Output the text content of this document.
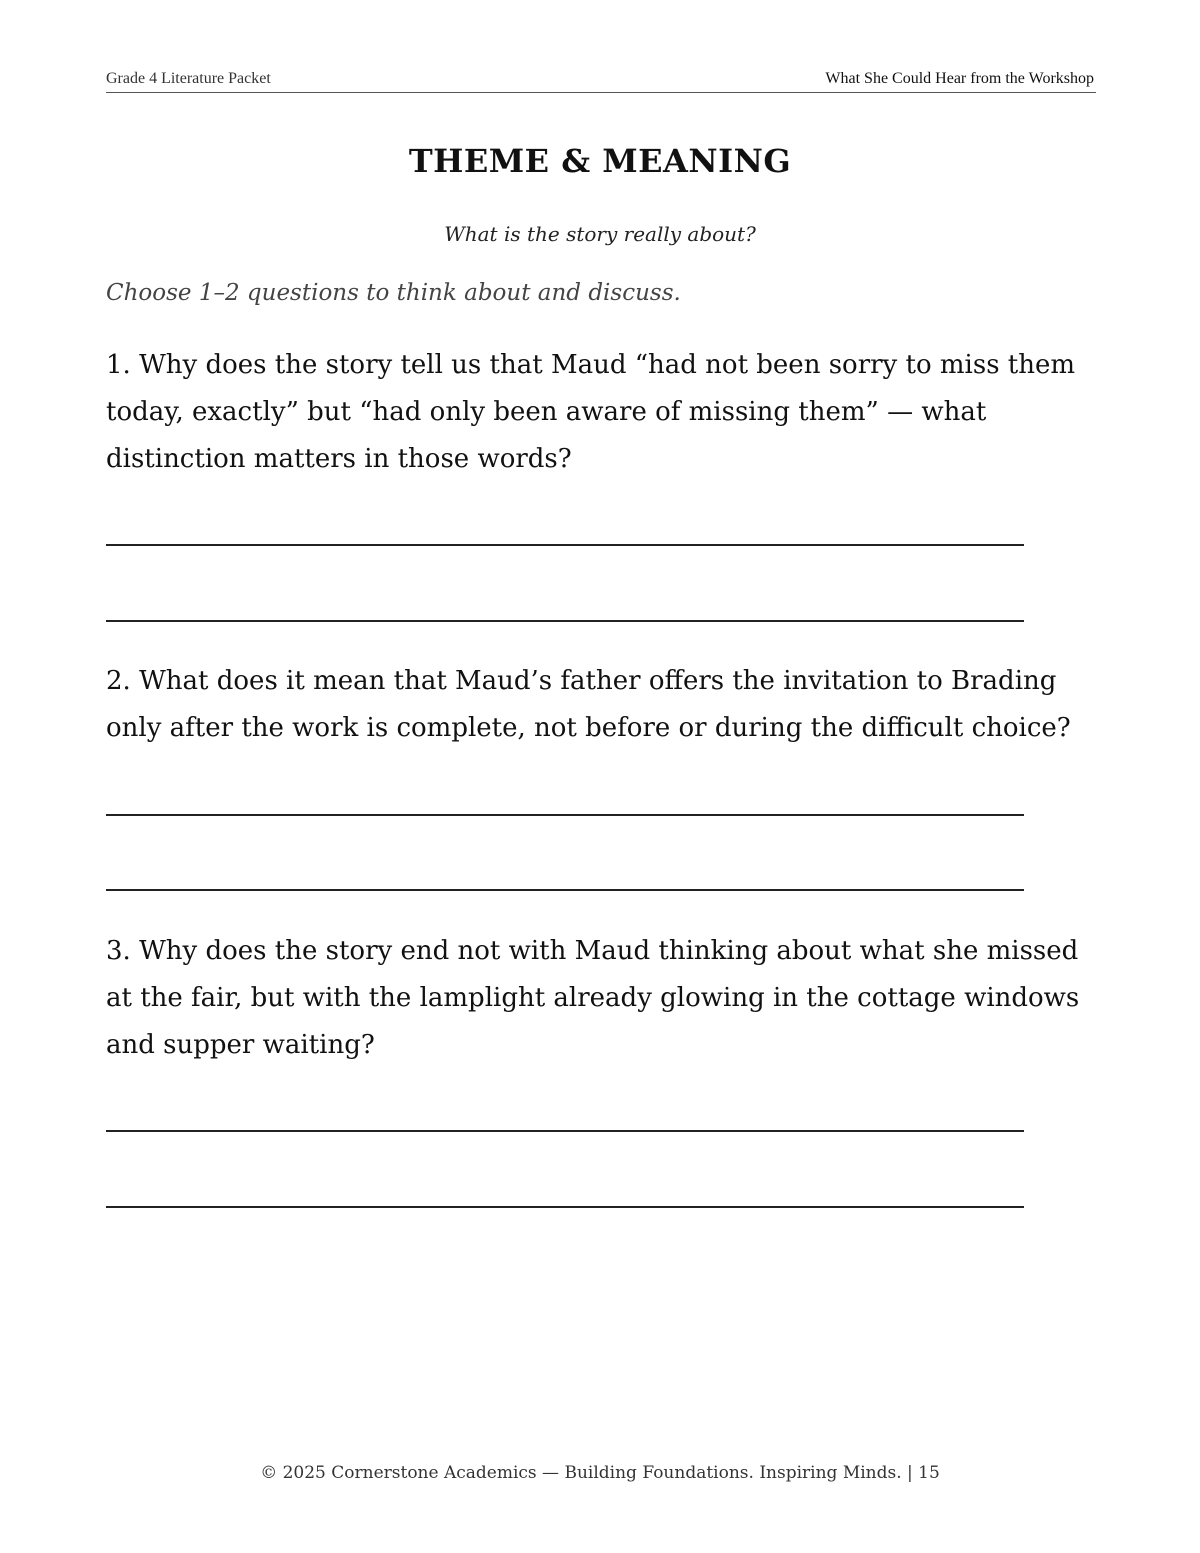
Grade 4 Literature Packet	What She Could Hear from the Workshop
THEME & MEANING
What is the story really about?
Choose 1–2 questions to think about and discuss.
1. Why does the story tell us that Maud “had not been sorry to miss them today, exactly” but “had only been aware of missing them” — what distinction matters in those words?
2. What does it mean that Maud’s father offers the invitation to Brading only after the work is complete, not before or during the difficult choice?
3. Why does the story end not with Maud thinking about what she missed at the fair, but with the lamplight already glowing in the cottage windows and supper waiting?
© 2025 Cornerstone Academics — Building Foundations. Inspiring Minds. | 15
